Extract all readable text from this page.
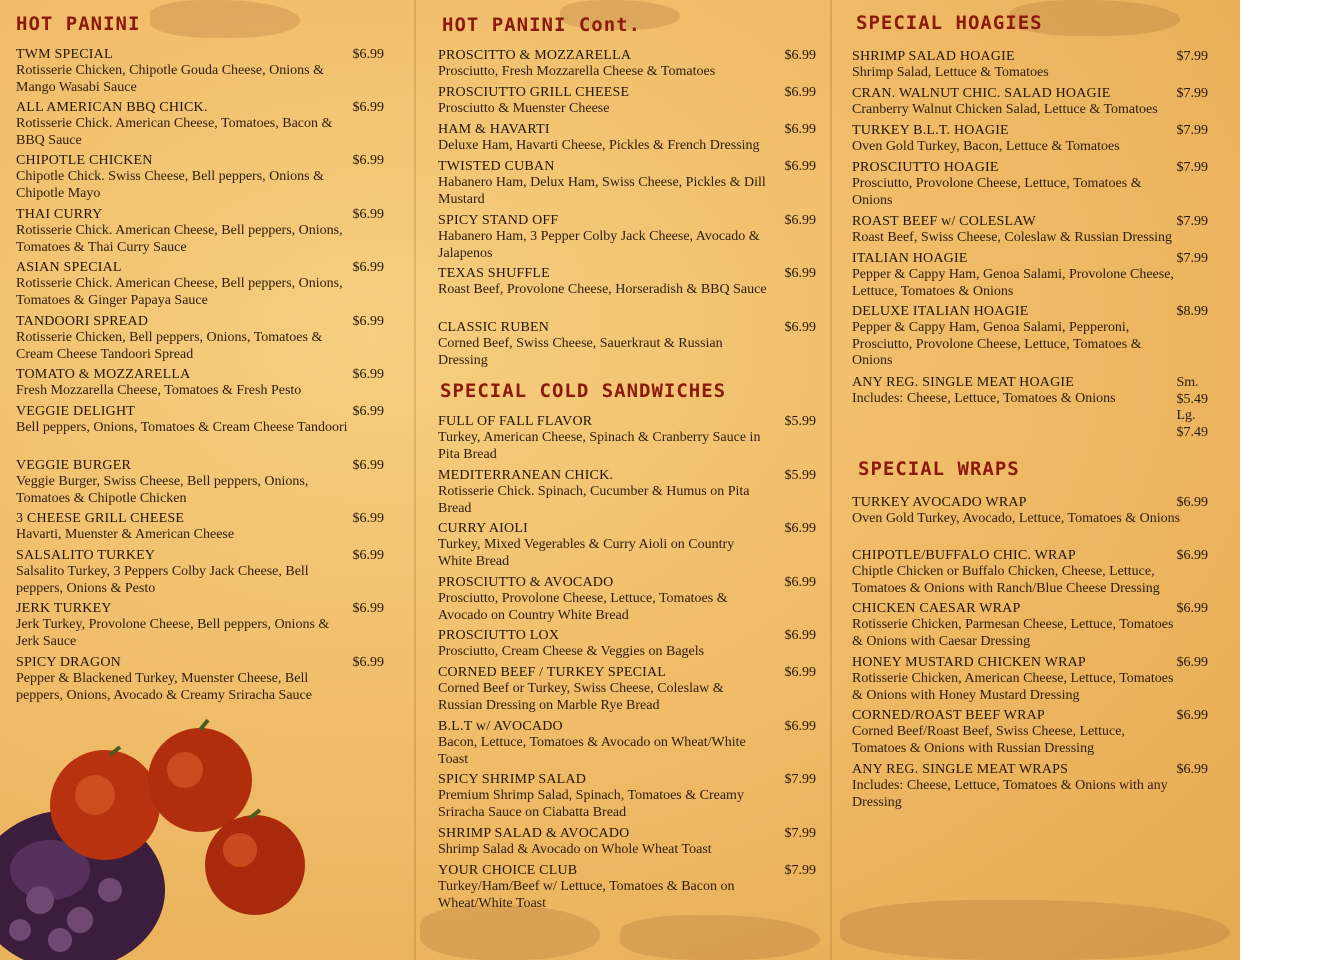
HOT PANINI
TWM SPECIAL
Rotisserie Chicken, Chipotle Gouda Cheese, Onions & Mango Wasabi Sauce
$6.99
ALL AMERICAN BBQ CHICK.
Rotisserie Chick. American Cheese, Tomatoes, Bacon & BBQ Sauce
$6.99
CHIPOTLE CHICKEN
Chipotle Chick. Swiss Cheese, Bell peppers, Onions & Chipotle Mayo
$6.99
THAI CURRY
Rotisserie Chick. American Cheese, Bell peppers, Onions, Tomatoes & Thai Curry Sauce
$6.99
ASIAN SPECIAL
Rotisserie Chick. American Cheese, Bell peppers, Onions, Tomatoes & Ginger Papaya Sauce
$6.99
TANDOORI SPREAD
Rotisserie Chicken, Bell peppers, Onions, Tomatoes & Cream Cheese Tandoori Spread
$6.99
TOMATO & MOZZARELLA
Fresh Mozzarella Cheese, Tomatoes & Fresh Pesto
$6.99
VEGGIE DELIGHT
Bell peppers, Onions, Tomatoes & Cream Cheese Tandoori
$6.99
VEGGIE BURGER
Veggie Burger, Swiss Cheese, Bell peppers, Onions, Tomatoes & Chipotle Chicken
$6.99
3 CHEESE GRILL CHEESE
Havarti, Muenster & American Cheese
$6.99
SALSALITO TURKEY
Salsalito Turkey, 3 Peppers Colby Jack Cheese, Bell peppers, Onions & Pesto
$6.99
JERK TURKEY
Jerk Turkey, Provolone Cheese, Bell peppers, Onions & Jerk Sauce
$6.99
SPICY DRAGON
Pepper & Blackened Turkey, Muenster Cheese, Bell peppers, Onions, Avocado & Creamy Sriracha Sauce
$6.99
HOT PANINI Cont.
PROSCITTO & MOZZARELLA
Prosciutto, Fresh Mozzarella Cheese & Tomatoes
$6.99
PROSCIUTTO GRILL CHEESE
Prosciutto & Muenster Cheese
$6.99
HAM & HAVARTI
Deluxe Ham, Havarti Cheese, Pickles & French Dressing
$6.99
TWISTED CUBAN
Habanero Ham, Delux Ham, Swiss Cheese, Pickles & Dill Mustard
$6.99
SPICY STAND OFF
Habanero Ham, 3 Pepper Colby Jack Cheese, Avocado & Jalapenos
$6.99
TEXAS SHUFFLE
Roast Beef, Provolone Cheese, Horseradish & BBQ Sauce
$6.99
CLASSIC RUBEN
Corned Beef, Swiss Cheese, Sauerkraut & Russian Dressing
$6.99
SPECIAL COLD SANDWICHES
FULL OF FALL FLAVOR
Turkey, American Cheese, Spinach & Cranberry Sauce in Pita Bread
$5.99
MEDITERRANEAN CHICK.
Rotisserie Chick. Spinach, Cucumber & Humus on Pita Bread
$5.99
CURRY AIOLI
Turkey, Mixed Vegerables & Curry Aioli on Country White Bread
$6.99
PROSCIUTTO & AVOCADO
Prosciutto, Provolone Cheese, Lettuce, Tomatoes & Avocado on Country White Bread
$6.99
PROSCIUTTO LOX
Prosciutto, Cream Cheese & Veggies on Bagels
$6.99
CORNED BEEF / TURKEY SPECIAL
Corned Beef or Turkey, Swiss Cheese, Coleslaw & Russian Dressing on Marble Rye Bread
$6.99
B.L.T w/ AVOCADO
Bacon, Lettuce, Tomatoes & Avocado on Wheat/White Toast
$6.99
SPICY SHRIMP SALAD
Premium Shrimp Salad, Spinach, Tomatoes & Creamy Sriracha Sauce on Ciabatta Bread
$7.99
SHRIMP SALAD & AVOCADO
Shrimp Salad & Avocado on Whole Wheat Toast
$7.99
YOUR CHOICE CLUB
Turkey/Ham/Beef w/ Lettuce, Tomatoes & Bacon on Wheat/White Toast
$7.99
SPECIAL HOAGIES
SHRIMP SALAD HOAGIE
Shrimp Salad, Lettuce & Tomatoes
$7.99
CRAN. WALNUT CHIC. SALAD HOAGIE
Cranberry Walnut Chicken Salad, Lettuce & Tomatoes
$7.99
TURKEY B.L.T. HOAGIE
Oven Gold Turkey, Bacon, Lettuce & Tomatoes
$7.99
PROSCIUTTO HOAGIE
Prosciutto, Provolone Cheese, Lettuce, Tomatoes & Onions
$7.99
ROAST BEEF w/ COLESLAW
Roast Beef, Swiss Cheese, Coleslaw & Russian Dressing
$7.99
ITALIAN HOAGIE
Pepper & Cappy Ham, Genoa Salami, Provolone Cheese, Lettuce, Tomatoes & Onions
$7.99
DELUXE ITALIAN HOAGIE
Pepper & Cappy Ham, Genoa Salami, Pepperoni, Prosciutto, Provolone Cheese, Lettuce, Tomatoes & Onions
$8.99
ANY REG. SINGLE MEAT HOAGIE
Includes: Cheese, Lettuce, Tomatoes & Onions
Sm.
$5.49
Lg.
$7.49
SPECIAL WRAPS
TURKEY AVOCADO WRAP
Oven Gold Turkey, Avocado, Lettuce, Tomatoes & Onions
$6.99
CHIPOTLE/BUFFALO CHIC. WRAP
Chiptle Chicken or Buffalo Chicken, Cheese, Lettuce, Tomatoes & Onions with Ranch/Blue Cheese Dressing
$6.99
CHICKEN CAESAR WRAP
Rotisserie Chicken, Parmesan Cheese, Lettuce, Tomatoes & Onions with Caesar Dressing
$6.99
HONEY MUSTARD CHICKEN WRAP
Rotisserie Chicken, American Cheese, Lettuce, Tomatoes & Onions with Honey Mustard Dressing
$6.99
CORNED/ROAST BEEF WRAP
Corned Beef/Roast Beef, Swiss Cheese, Lettuce, Tomatoes & Onions with Russian Dressing
$6.99
ANY REG. SINGLE MEAT WRAPS
Includes: Cheese, Lettuce, Tomatoes & Onions with any Dressing
$6.99
